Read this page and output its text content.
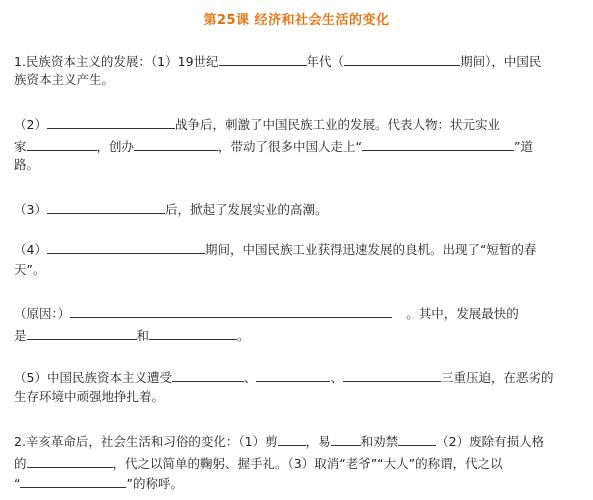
第25课 经济和社会生活的变化
1.民族资本主义的发展：（1）19世纪	年代（	期间），中国民
族资本主义产生。
（2）	战争后，刺激了中国民族工业的发展。代表人物：状元实业
家	，创办	，带动了很多中国人走上“	”道
路。
（3）	后，掀起了发展实业的高潮。
（4）	期间，中国民族工业获得迅速发展的良机。出现了“短暂的春
天”。
（原因：）	。其中，发展最快的
是	和	。
（5）中国民族资本主义遭受	、	、	三重压迫，在恶劣的
生存环境中顽强地挣扎着。
2.辛亥革命后，社会生活和习俗的变化：（1）剪 ，易 和劝禁	（2）废除有损人格
的	，代之以简单的鞠躬、握手礼。（3）取消“老爷”“大人”的称谓，代之以
“	”的称呼。
